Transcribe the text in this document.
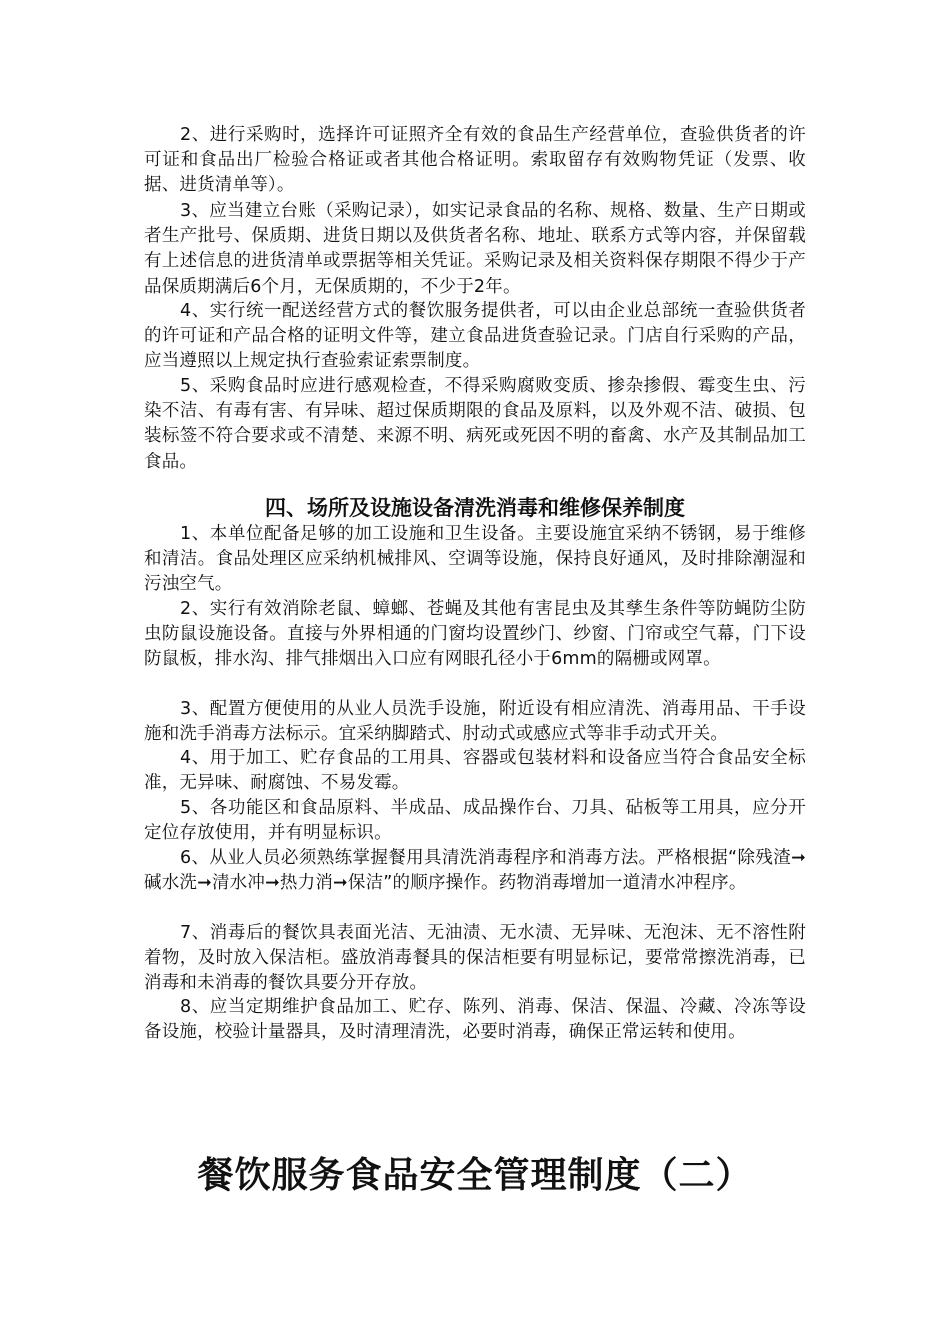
2、进行采购时，选择许可证照齐全有效的食品生产经营单位，查验供货者的许可证和食品出厂检验合格证或者其他合格证明。索取留存有效购物凭证（发票、收据、进货清单等）。

3、应当建立台账（采购记录），如实记录食品的名称、规格、数量、生产日期或者生产批号、保质期、进货日期以及供货者名称、地址、联系方式等内容，并保留载有上述信息的进货清单或票据等相关凭证。采购记录及相关资料保存期限不得少于产品保质期满后6个月，无保质期的，不少于2年。

4、实行统一配送经营方式的餐饮服务提供者，可以由企业总部统一查验供货者的许可证和产品合格的证明文件等，建立食品进货查验记录。门店自行采购的产品，应当遵照以上规定执行查验索证索票制度。

5、采购食品时应进行感观检查，不得采购腐败变质、掺杂掺假、霉变生虫、污染不洁、有毒有害、有异味、超过保质期限的食品及原料，以及外观不洁、破损、包装标签不符合要求或不清楚、来源不明、病死或死因不明的畜禽、水产及其制品加工食品。

四、场所及设施设备清洗消毒和维修保养制度

1、本单位配备足够的加工设施和卫生设备。主要设施宜采纳不锈钢，易于维修和清洁。食品处理区应采纳机械排风、空调等设施，保持良好通风，及时排除潮湿和污浊空气。

2、实行有效消除老鼠、蟑螂、苍蝇及其他有害昆虫及其孳生条件等防蝇防尘防虫防鼠设施设备。直接与外界相通的门窗均设置纱门、纱窗、门帘或空气幕，门下设防鼠板，排水沟、排气排烟出入口应有网眼孔径小于6mm的隔栅或网罩。

3、配置方便使用的从业人员洗手设施，附近设有相应清洗、消毒用品、干手设施和洗手消毒方法标示。宜采纳脚踏式、肘动式或感应式等非手动式开关。

4、用于加工、贮存食品的工用具、容器或包装材料和设备应当符合食品安全标准，无异味、耐腐蚀、不易发霉。

5、各功能区和食品原料、半成品、成品操作台、刀具、砧板等工用具，应分开定位存放使用，并有明显标识。

6、从业人员必须熟练掌握餐用具清洗消毒程序和消毒方法。严格根据“除残渣➞碱水洗➞清水冲➞热力消➞保洁”的顺序操作。药物消毒增加一道清水冲程序。

7、消毒后的餐饮具表面光洁、无油渍、无水渍、无异味、无泡沫、无不溶性附着物，及时放入保洁柜。盛放消毒餐具的保洁柜要有明显标记，要常常擦洗消毒，已消毒和未消毒的餐饮具要分开存放。

8、应当定期维护食品加工、贮存、陈列、消毒、保洁、保温、冷藏、冷冻等设备设施，校验计量器具，及时清理清洗，必要时消毒，确保正常运转和使用。

餐饮服务食品安全管理制度（二）
